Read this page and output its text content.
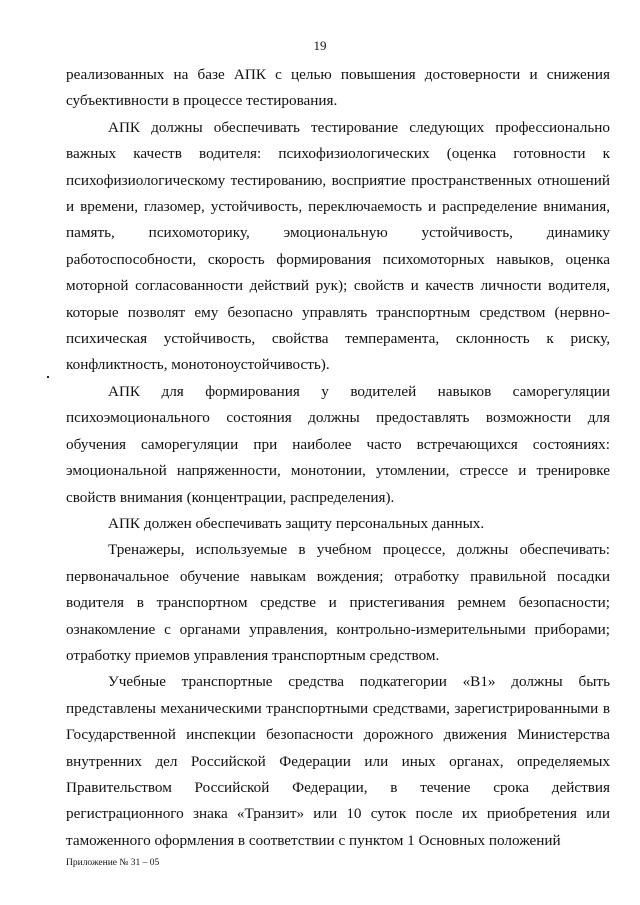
19

реализованных на базе АПК с целью повышения достоверности и снижения субъективности в процессе тестирования.

АПК должны обеспечивать тестирование следующих профессионально важных качеств водителя: психофизиологических (оценка готовности к психофизиологическому тестированию, восприятие пространственных отношений и времени, глазомер, устойчивость, переключаемость и распределение внимания, память, психомоторику, эмоциональную устойчивость, динамику работоспособности, скорость формирования психомоторных навыков, оценка моторной согласованности действий рук); свойств и качеств личности водителя, которые позволят ему безопасно управлять транспортным средством (нервно-психическая устойчивость, свойства темперамента, склонность к риску, конфликтность, монотоноустойчивость).

АПК для формирования у водителей навыков саморегуляции психоэмоционального состояния должны предоставлять возможности для обучения саморегуляции при наиболее часто встречающихся состояниях: эмоциональной напряженности, монотонии, утомлении, стрессе и тренировке свойств внимания (концентрации, распределения).

АПК должен обеспечивать защиту персональных данных.

Тренажеры, используемые в учебном процессе, должны обеспечивать: первоначальное обучение навыкам вождения; отработку правильной посадки водителя в транспортном средстве и пристегивания ремнем безопасности; ознакомление с органами управления, контрольно-измерительными приборами; отработку приемов управления транспортным средством.

Учебные транспортные средства подкатегории «В1» должны быть представлены механическими транспортными средствами, зарегистрированными в Государственной инспекции безопасности дорожного движения Министерства внутренних дел Российской Федерации или иных органах, определяемых Правительством Российской Федерации, в течение срока действия регистрационного знака «Транзит» или 10 суток после их приобретения или таможенного оформления в соответствии с пунктом 1 Основных положений

Приложение № 31 – 05
